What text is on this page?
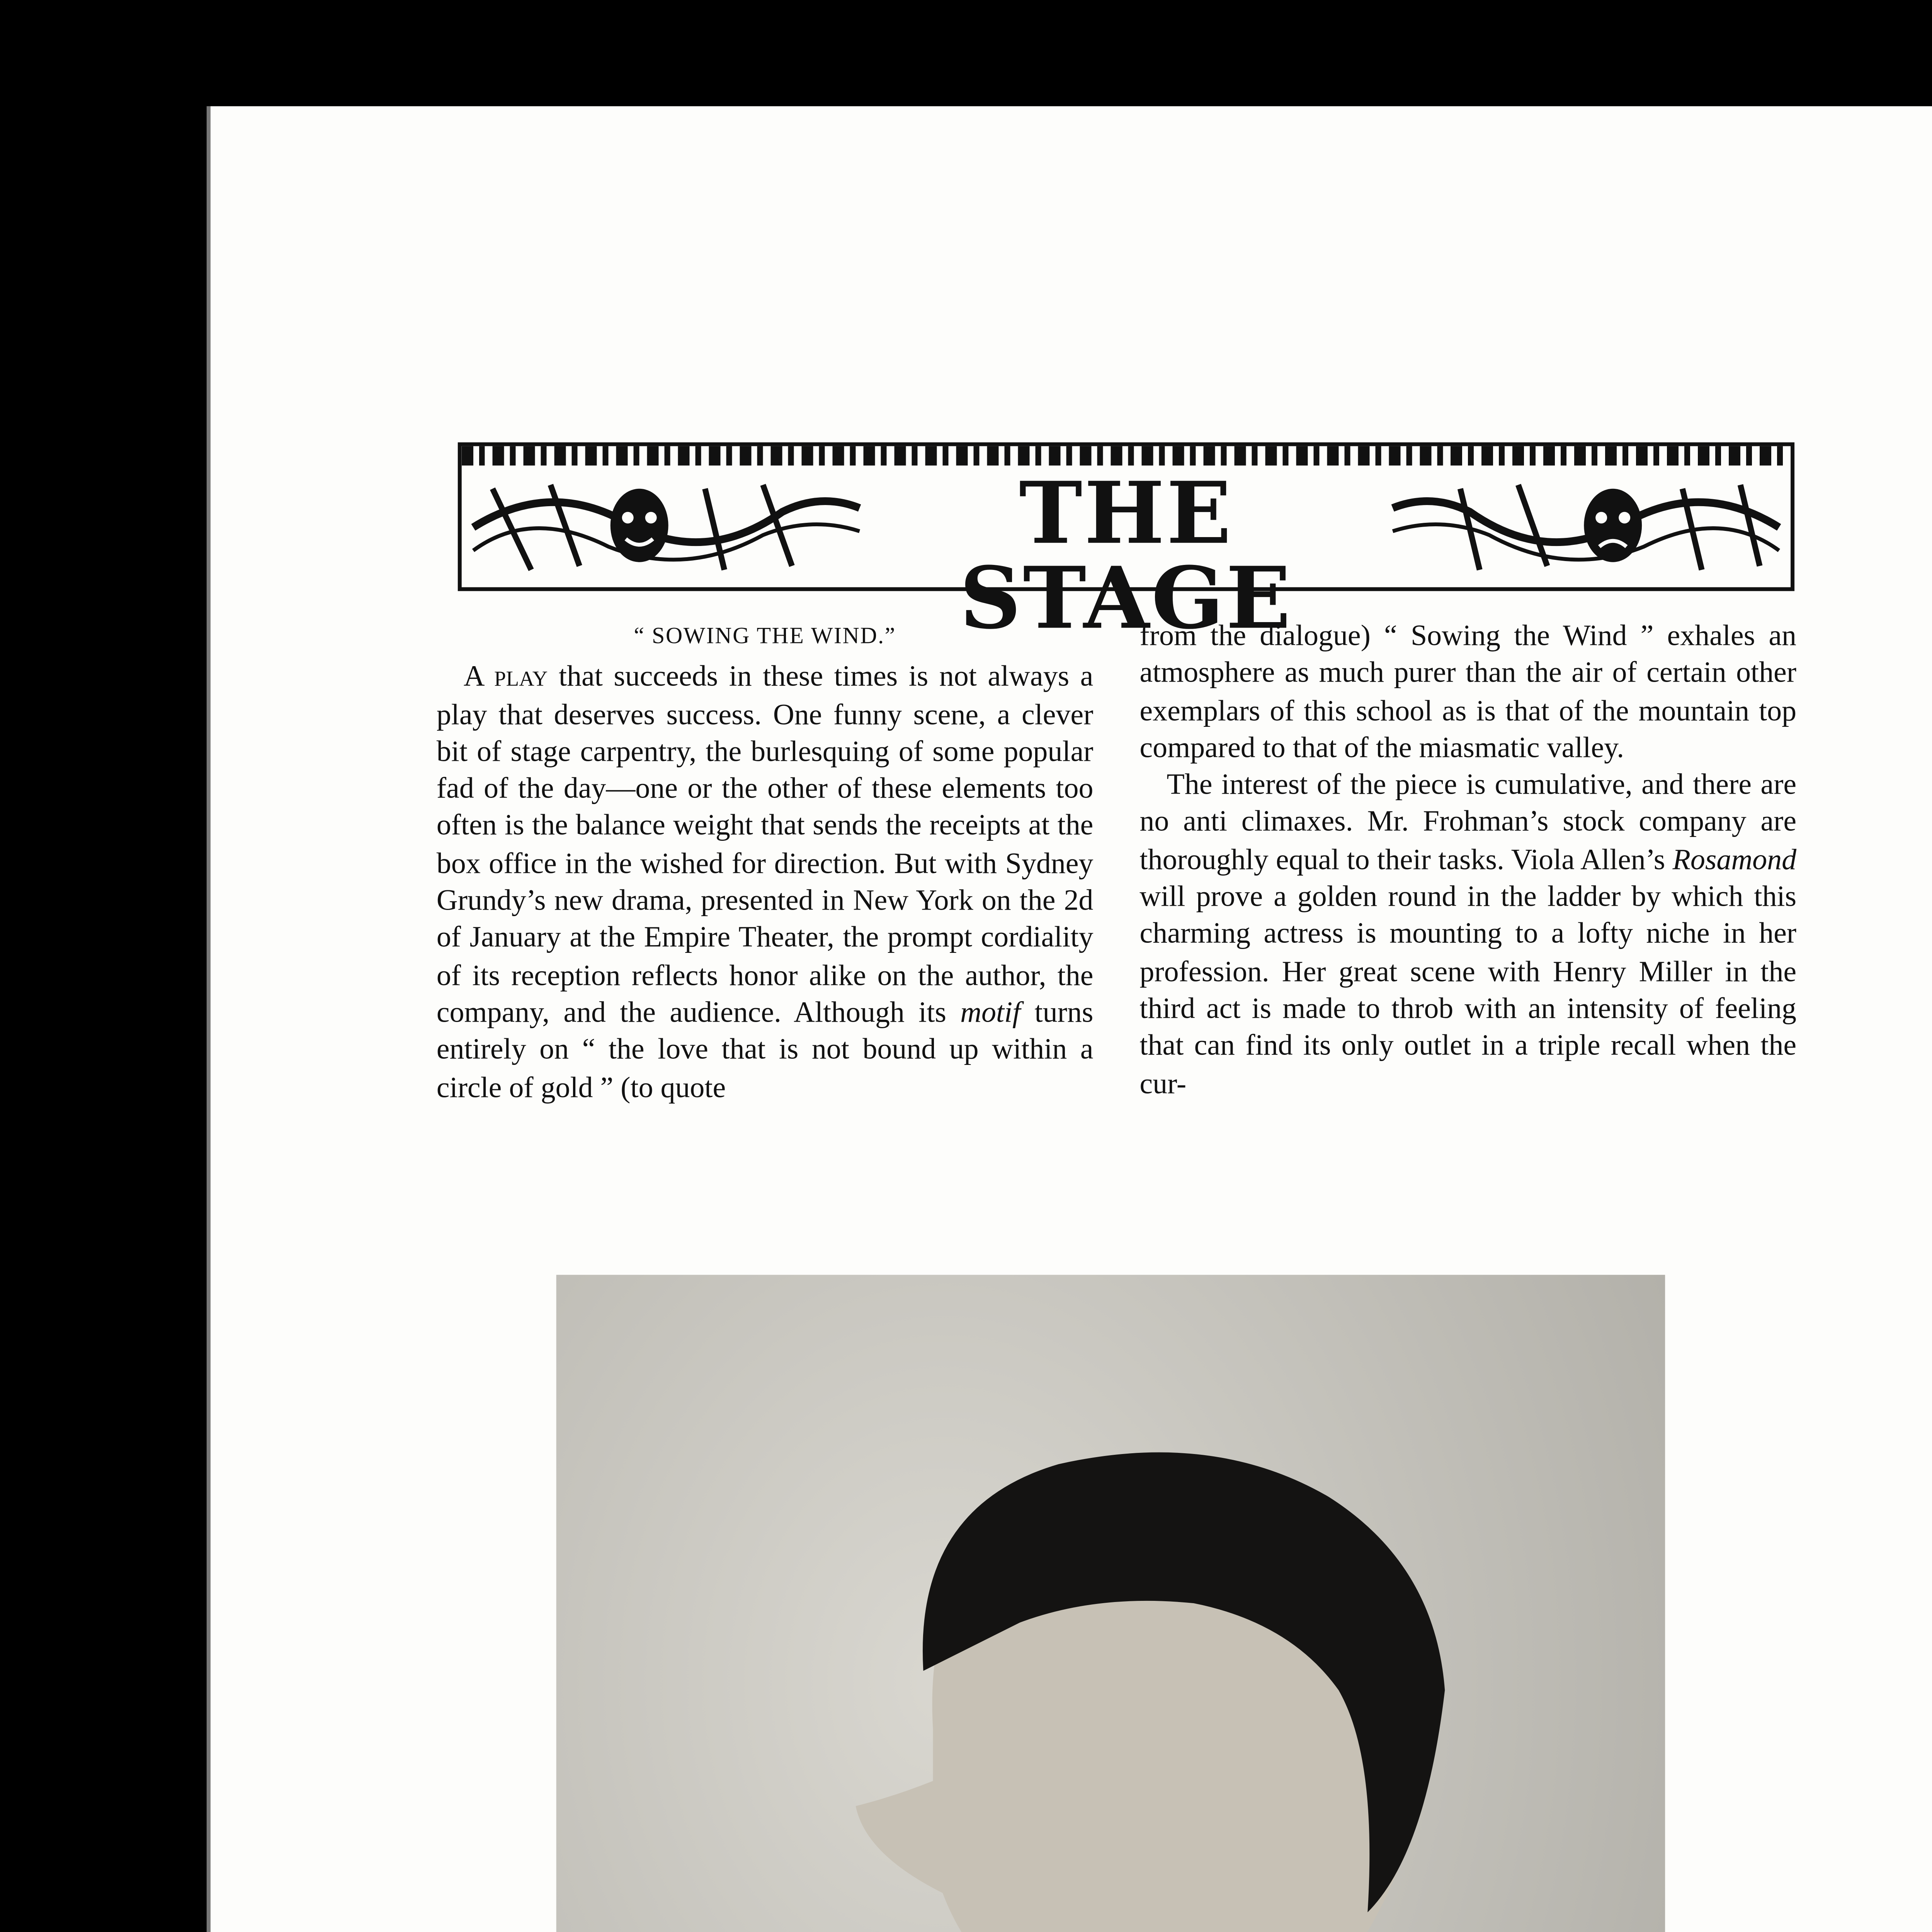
THE STAGE

“ SOWING THE WIND.”

A play that succeeds in these times is not always a play that deserves success. One funny scene, a clever bit of stage carpentry, the burlesquing of some popular fad of the day—one or the other of these elements too often is the balance weight that sends the receipts at the box office in the wished for direction. But with Sydney Grundy’s new drama, presented in New York on the 2d of January at the Empire Theater, the prompt cordiality of its reception reflects honor alike on the author, the company, and the audience. Although its motif turns entirely on “ the love that is not bound up within a circle of gold ” (to quote

from the dialogue) “ Sowing the Wind ” exhales an atmosphere as much purer than the air of certain other exemplars of this school as is that of the mountain top compared to that of the miasmatic valley.

The interest of the piece is cumulative, and there are no anti climaxes. Mr. Frohman’s stock company are thoroughly equal to their tasks. Viola Allen’s Rosamond will prove a golden round in the ladder by which this charming actress is mounting to a lofty niche in her profession. Her great scene with Henry Miller in the third act is made to throb with an intensity of feeling that can find its only outlet in a triple recall when the cur-
